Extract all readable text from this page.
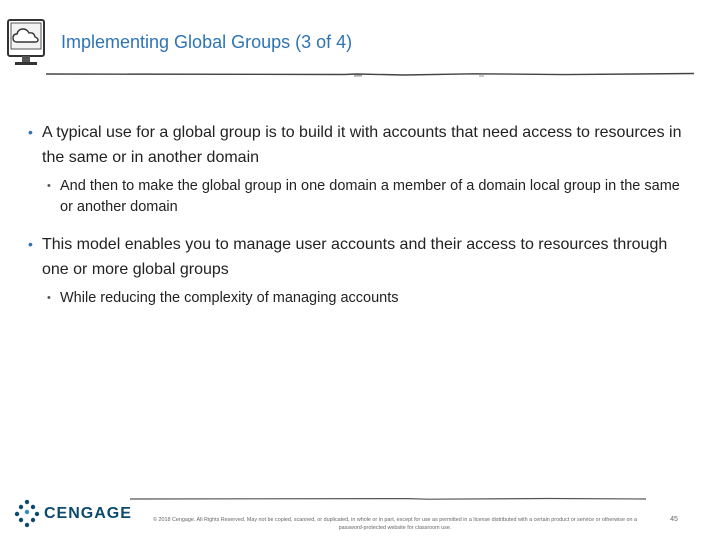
Implementing Global Groups (3 of 4)
• A typical use for a global group is to build it with accounts that need access to resources in the same or in another domain
• And then to make the global group in one domain a member of a domain local group in the same or another domain
• This model enables you to manage user accounts and their access to resources through one or more global groups
• While reducing the complexity of managing accounts
CENGAGE	© 2018 Cengage. All Rights Reserved. May not be copied, scanned, or duplicated, in whole or in part, except for use as permitted in a license distributed with a certain product or service or otherwise on a password-protected website for classroom use.
45
